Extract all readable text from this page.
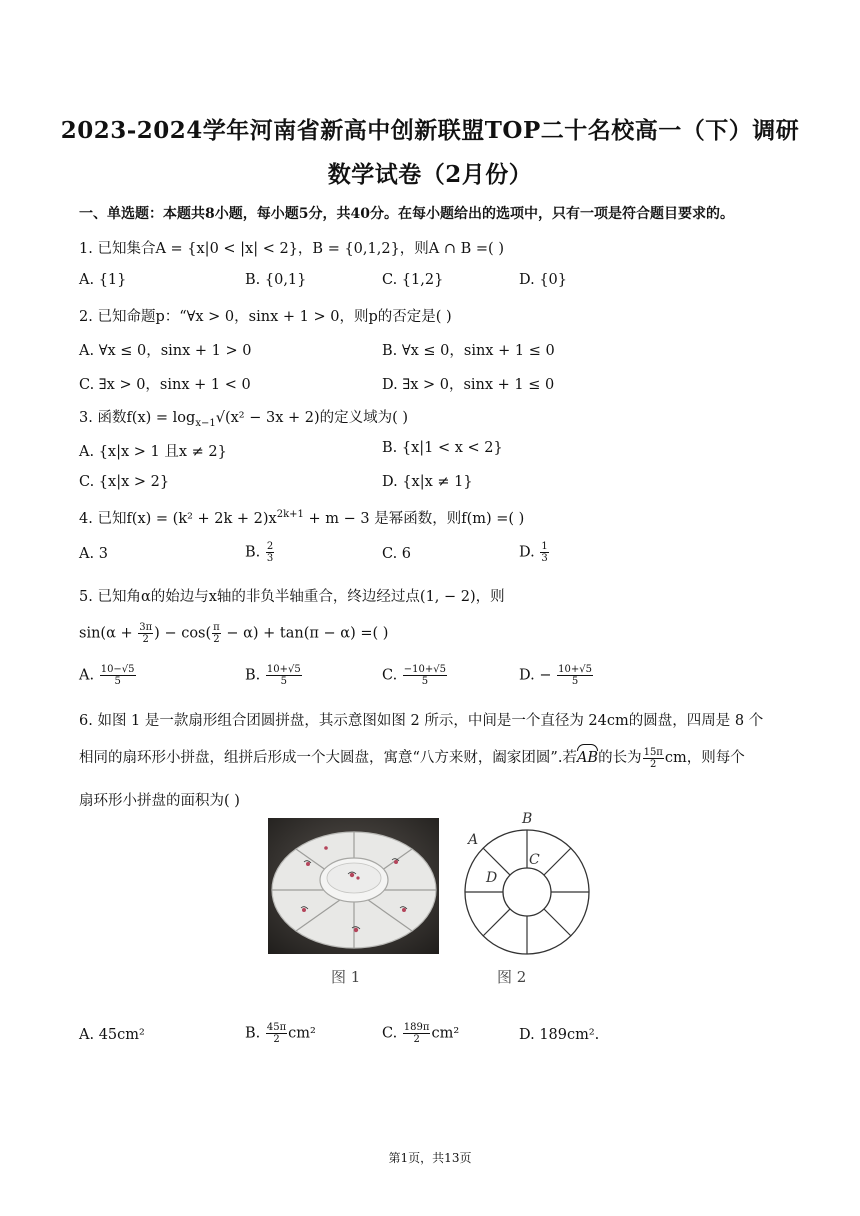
2023-2024学年河南省新高中创新联盟TOP二十名校高一（下）调研
数学试卷（2月份）
一、单选题：本题共8小题，每小题5分，共40分。在每小题给出的选项中，只有一项是符合题目要求的。
1. 已知集合A = {x|0 < |x| < 2}，B = {0,1,2}，则A ∩ B =( )
A. {1}	B. {0,1}	C. {1,2}	D. {0}
2. 已知命题p：“∀x > 0，sinx + 1 > 0，则p的否定是( )
A. ∀x ≤ 0，sinx + 1 > 0	B. ∀x ≤ 0，sinx + 1 ≤ 0
C. ∃x > 0，sinx + 1 < 0	D. ∃x > 0，sinx + 1 ≤ 0
3. 函数$f(x) = \log_{x-1}√(x^2 - 3x + 2)$的定义域为( )
A. {x|x > 1 且x ≠ 2}	B. {x|1 < x < 2}
C. {x|x > 2}	D. {x|x ≠ 1}
4. 已知$f(x) = (k^2 + 2k + 2)x^{2k+1} + m - 3$ 是幂函数，则f(m) =( )
A. 3	B. $\frac{2}{3}$	C. 6	D. $\frac{1}{3}$
5. 已知角α的始边与x轴的非负半轴重合，终边经过点(1, − 2)，则
$\sin(\alpha + \frac{3\pi}{2}$ ) − $\cos( \frac{\pi}{2} - \alpha) + \tan(\pi - \alpha)$ =( )
A. $\frac{10-√5}{5}$	B. $\frac{10+√5}{5}$	C. $\frac{-10+√5}{5}$	D. − $\frac{10+√5}{5}$
6. 如图 1 是一款扇形组合团圆拼盘，其示意图如图 2 所示，中间是一个直径为 24cm的圆盘，四周是 8 个
相同的扇环形小拼盘，组拼后形成一个大圆盘，寓意“八方来财，阖家团圆”.若
AB的长为 $\frac{15\pi}{2}$ cm，则每个
扇环形小拼盘的面积为( )
图 1
A
B
C
D
图 2
A. 45cm²	B. $\frac{45\pi}{2} cm^2$	C. $\frac{189\pi}{2} cm^2$	D. 189cm².
第1页，共13页
